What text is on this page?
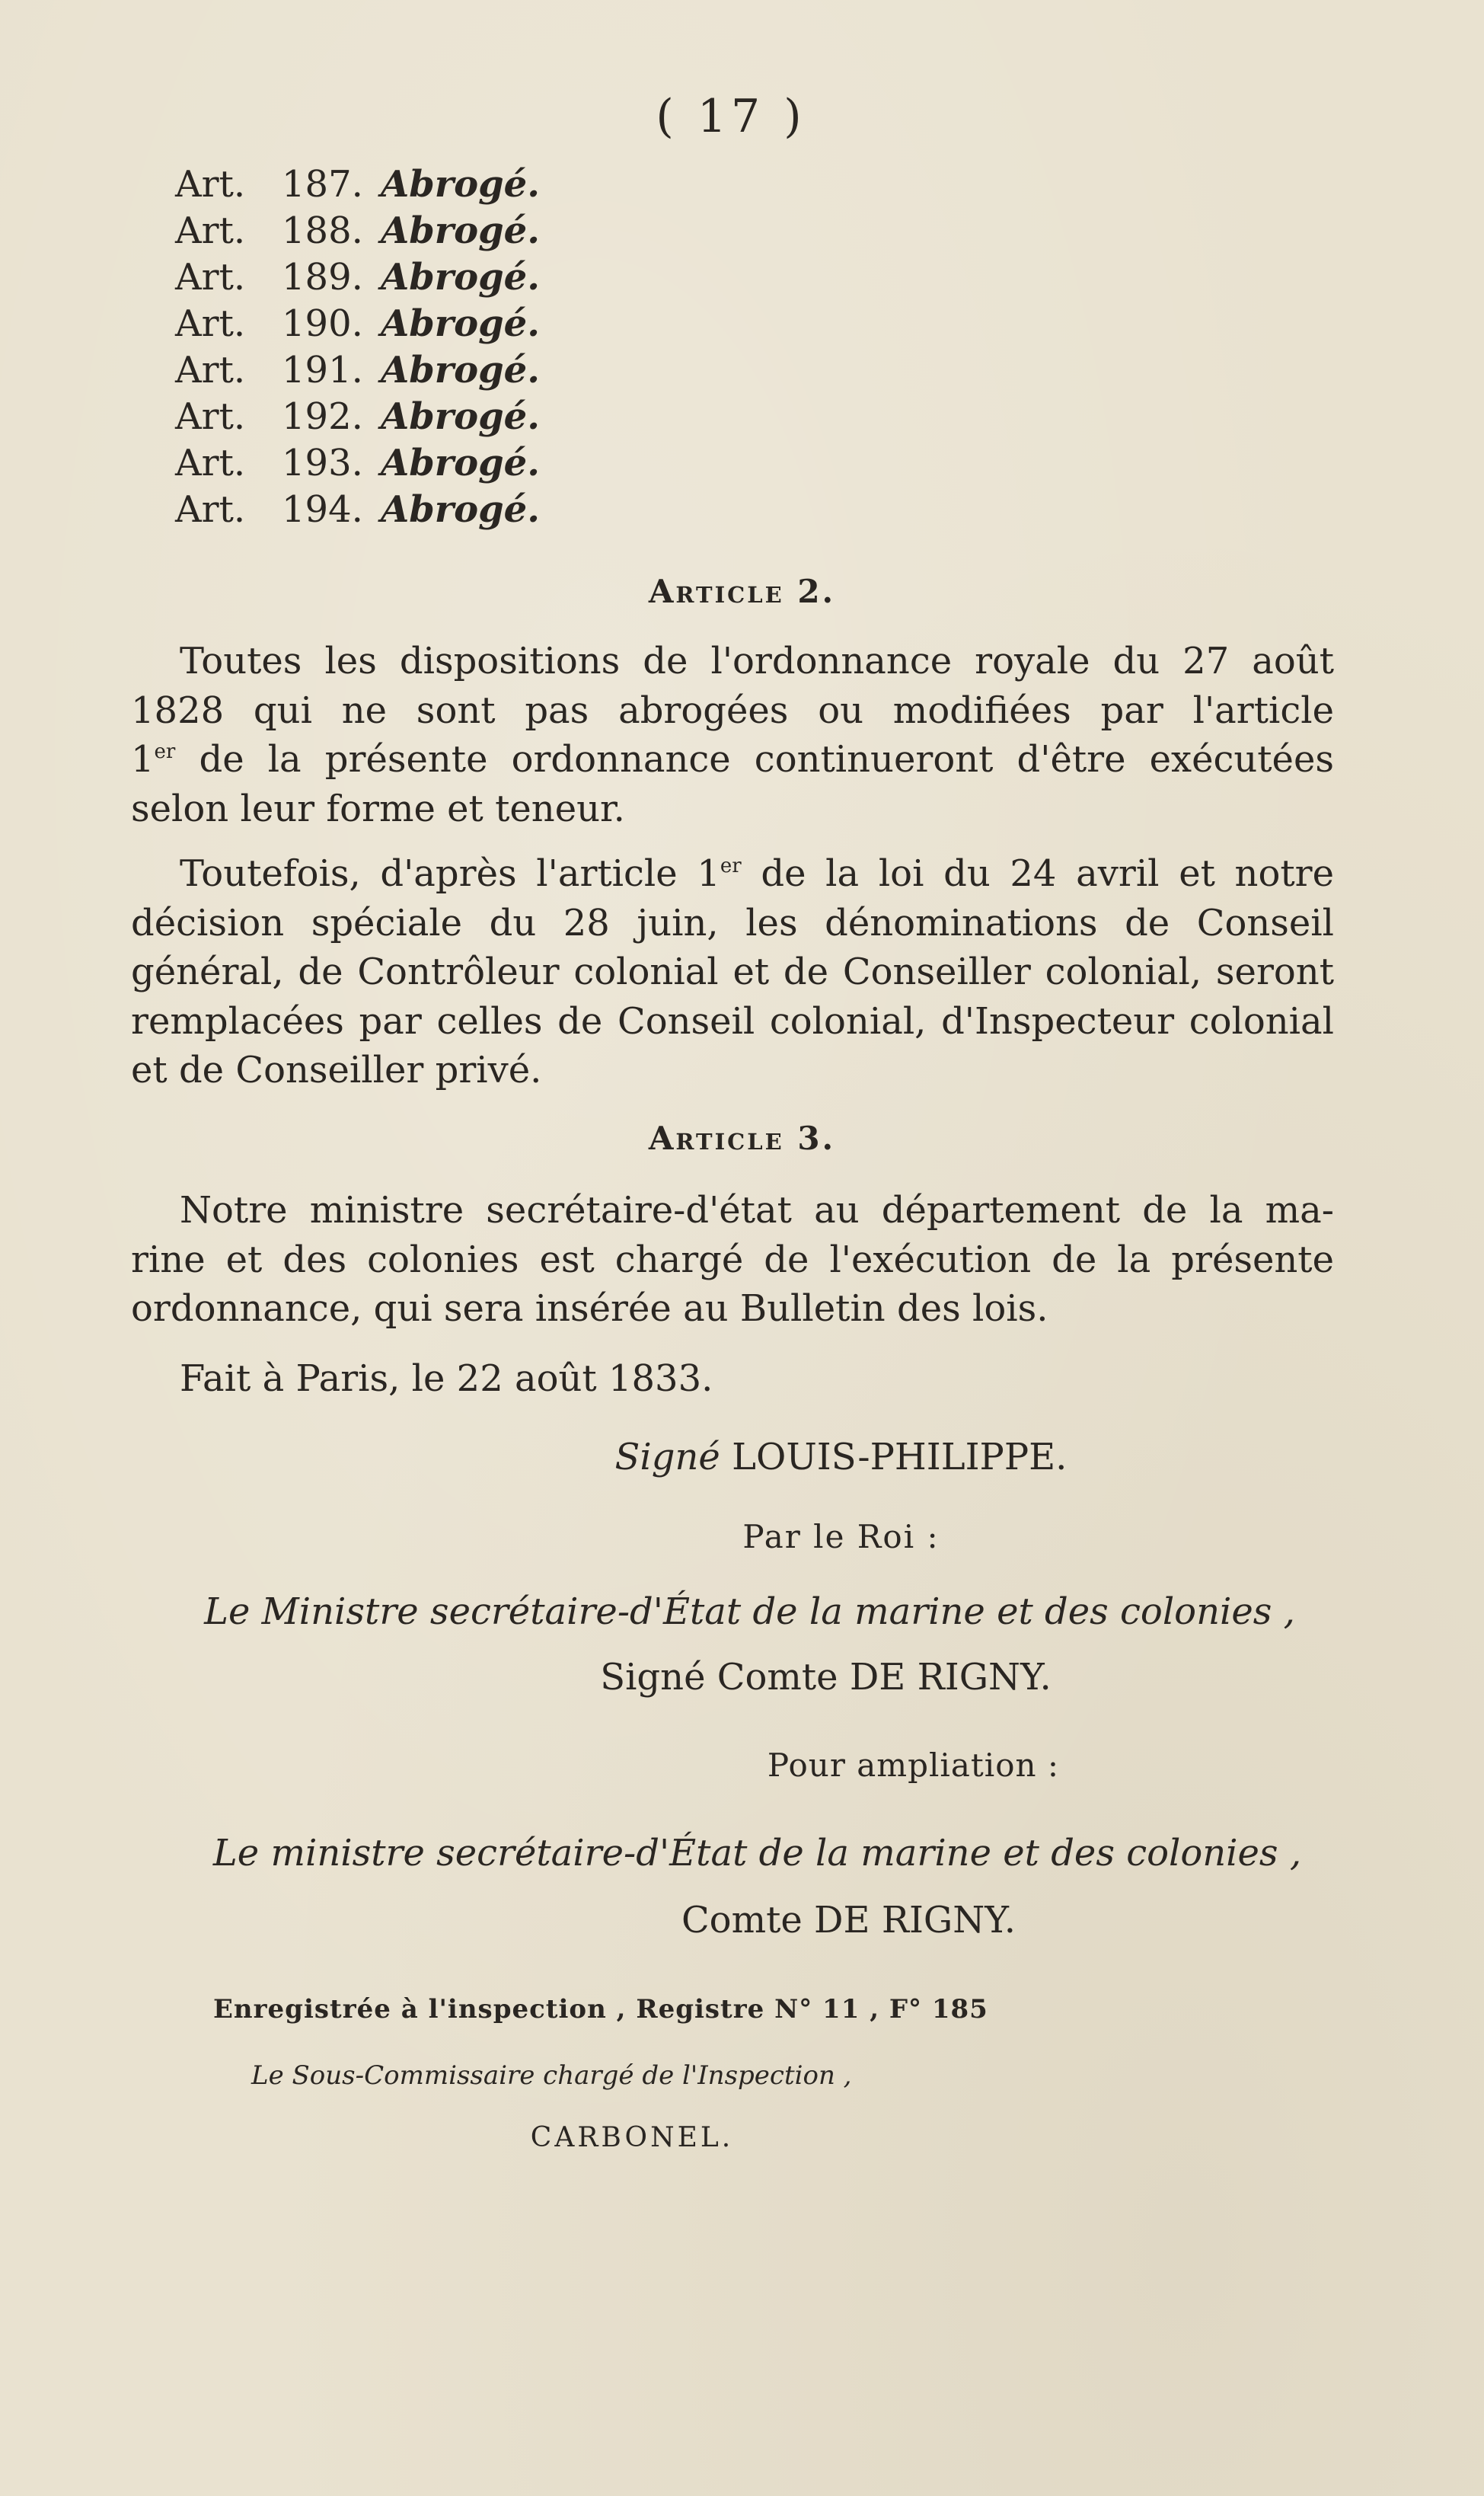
( 17 )
Art. 187. Abrogé.
Art. 188. Abrogé.
Art. 189. Abrogé.
Art. 190. Abrogé.
Art. 191. Abrogé.
Art. 192. Abrogé.
Art. 193. Abrogé.
Art. 194. Abrogé.
Article 2.
Toutes les dispositions de l'ordonnance royale du 27 août
1828 qui ne sont pas abrogées ou modifiées par l'article
1er de la présente ordonnance continueront d'être exécutées
selon leur forme et teneur.
Toutefois, d'après l'article 1er de la loi du 24 avril et notre
décision spéciale du 28 juin, les dénominations de Conseil
général, de Contrôleur colonial et de Conseiller colonial, seront
remplacées par celles de Conseil colonial, d'Inspecteur colonial
et de Conseiller privé.
Article 3.
Notre ministre secrétaire-d'état au département de la ma-
rine et des colonies est chargé de l'exécution de la présente
ordonnance, qui sera insérée au Bulletin des lois.
Fait à Paris, le 22 août 1833.
Signé LOUIS-PHILIPPE.
Par le Roi :
Le Ministre secrétaire-d'État de la marine et des colonies ,
Signé Comte DE RIGNY.
Pour ampliation :
Le ministre secrétaire-d'État de la marine et des colonies ,
Comte DE RIGNY.
Enregistrée à l'inspection , Registre N° 11 , F° 185
Le Sous-Commissaire chargé de l'Inspection ,
CARBONEL.
